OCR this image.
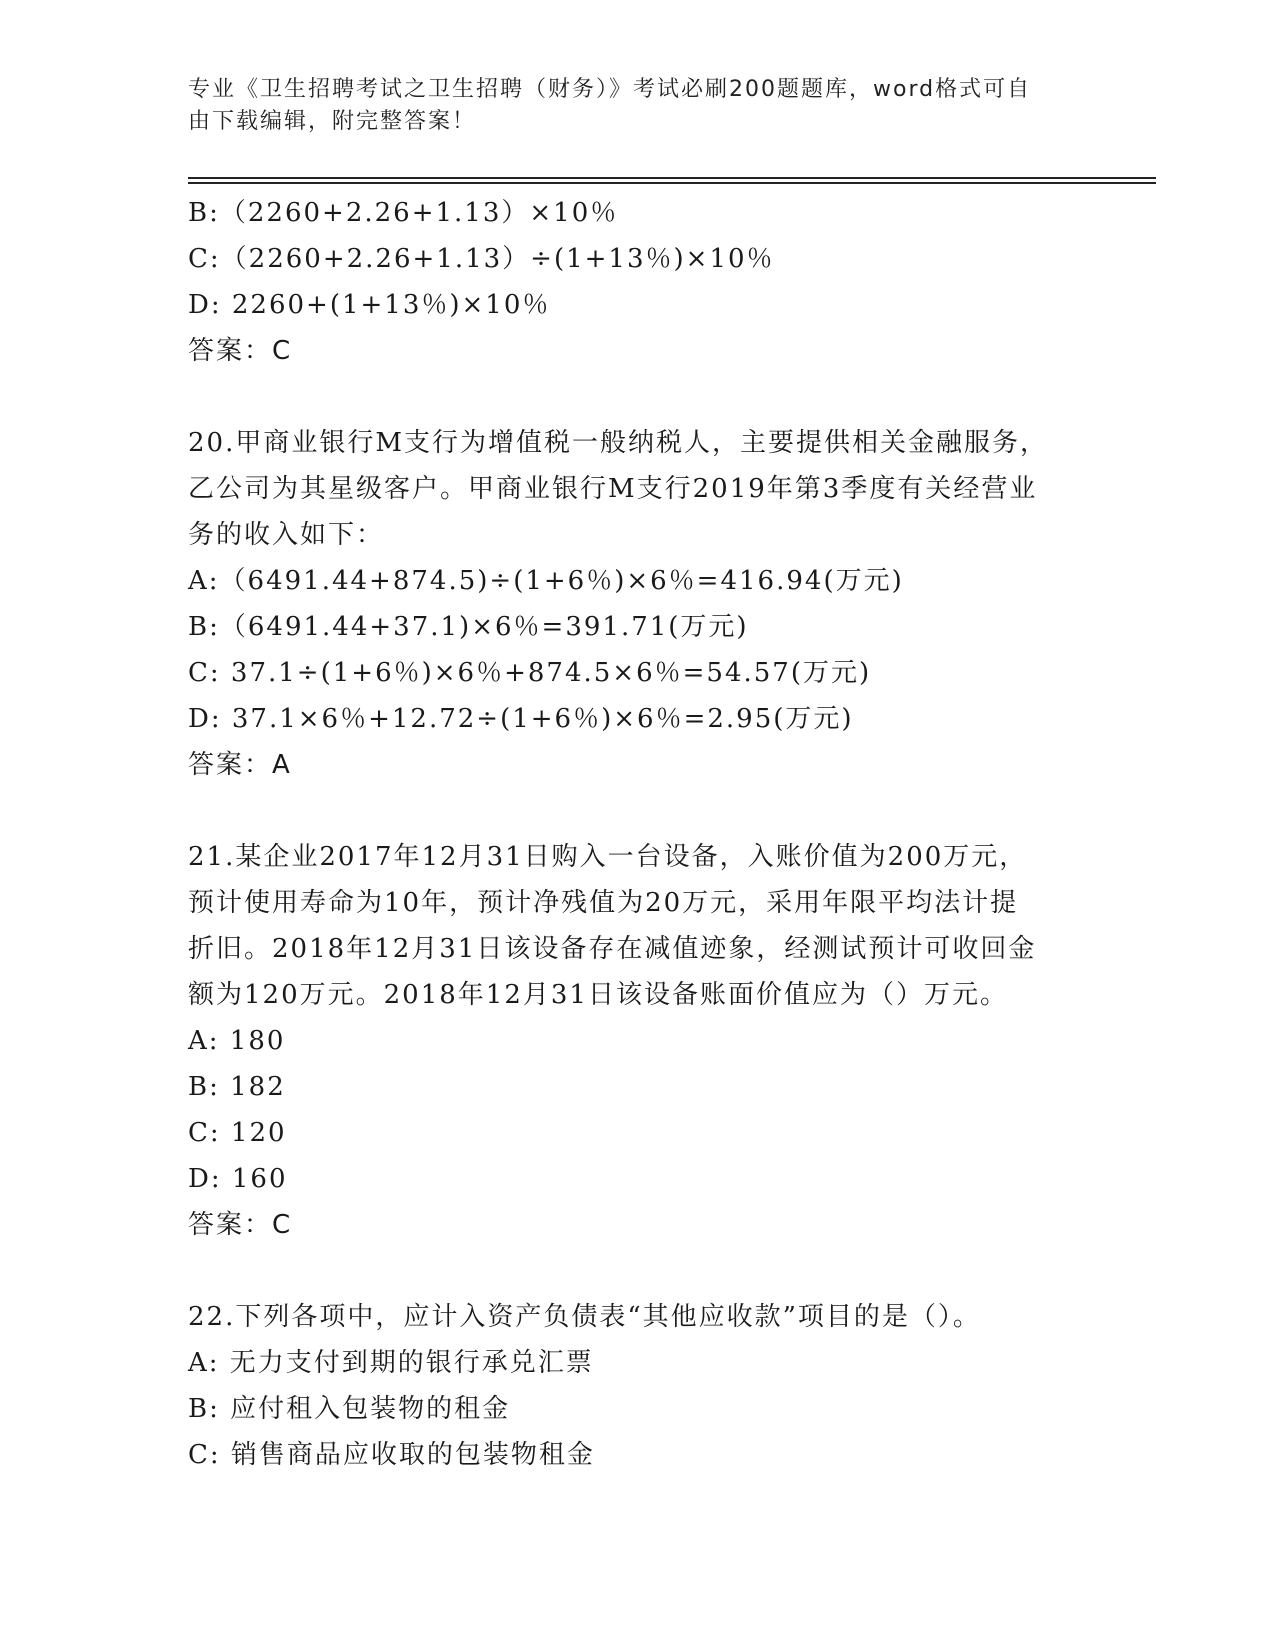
专业《卫生招聘考试之卫生招聘（财务）》考试必刷200题题库，word格式可自
由下载编辑，附完整答案！
B:（2260+2.26+1.13）×10％
C:（2260+2.26+1.13）÷(1+13％)×10％
D: 2260+(1+13％)×10％
答案：C
20.甲商业银行M支行为增值税一般纳税人，主要提供相关金融服务，
乙公司为其星级客户。甲商业银行M支行2019年第3季度有关经营业
务的收入如下：
A:（6491.44+874.5)÷(1+6％)×6％=416.94(万元)
B:（6491.44+37.1)×6％=391.71(万元)
C: 37.1÷(1+6％)×6％+874.5×6％=54.57(万元)
D: 37.1×6％+12.72÷(1+6％)×6％=2.95(万元)
答案：A
21.某企业2017年12月31日购入一台设备，入账价值为200万元，
预计使用寿命为10年，预计净残值为20万元，采用年限平均法计提
折旧。2018年12月31日该设备存在减值迹象，经测试预计可收回金
额为120万元。2018年12月31日该设备账面价值应为（）万元。
A: 180
B: 182
C: 120
D: 160
答案：C
22.下列各项中，应计入资产负债表“其他应收款”项目的是（）。
A: 无力支付到期的银行承兑汇票
B: 应付租入包装物的租金
C: 销售商品应收取的包装物租金
